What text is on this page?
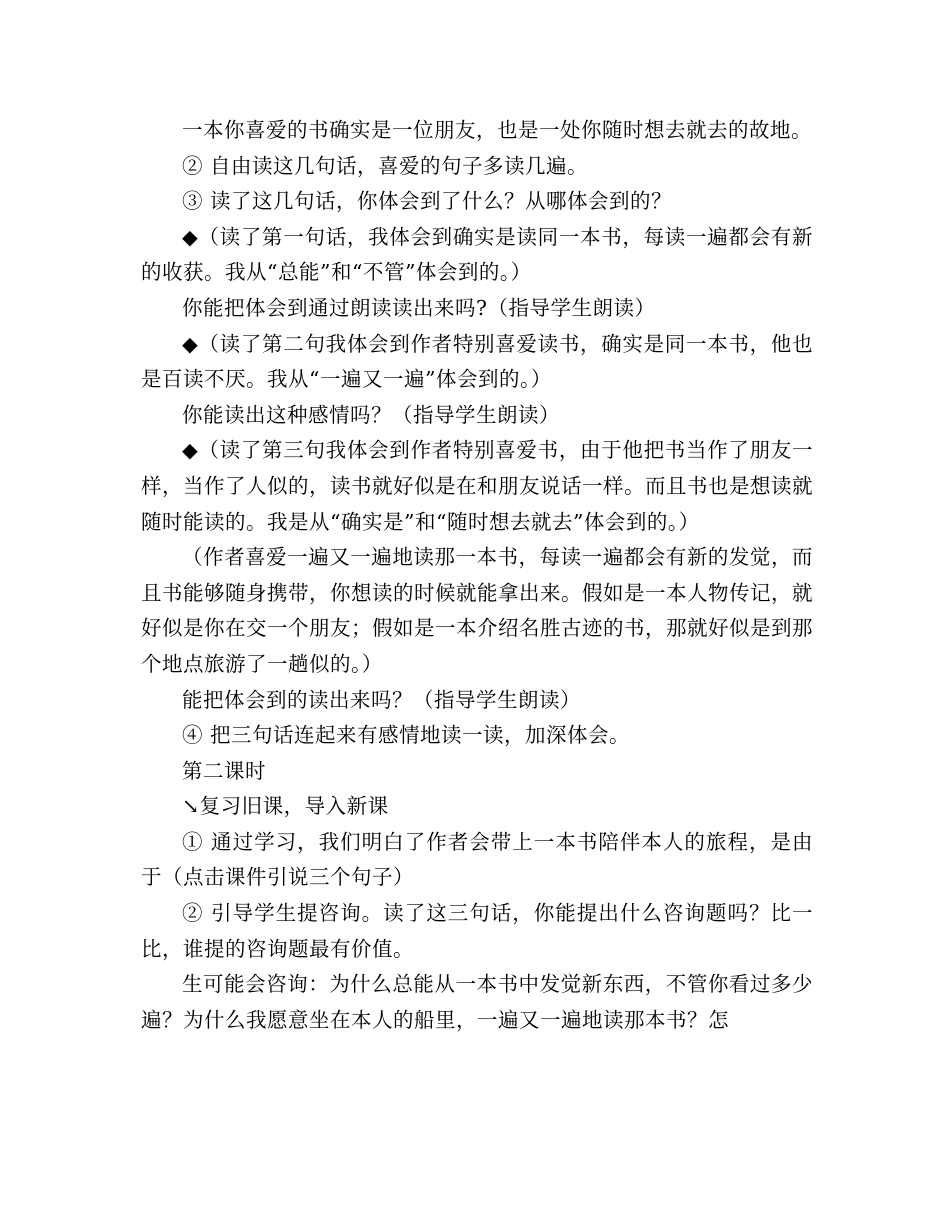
一本你喜爱的书确实是一位朋友，也是一处你随时想去就去的故地。

② 自由读这几句话，喜爱的句子多读几遍。

③ 读了这几句话，你体会到了什么？从哪体会到的？

◆（读了第一句话，我体会到确实是读同一本书，每读一遍都会有新的收获。我从“总能”和“不管”体会到的。）

你能把体会到通过朗读读出来吗?（指导学生朗读）

◆（读了第二句我体会到作者特别喜爱读书，确实是同一本书，他也是百读不厌。我从“一遍又一遍”体会到的。）

你能读出这种感情吗？（指导学生朗读）

◆（读了第三句我体会到作者特别喜爱书，由于他把书当作了朋友一样，当作了人似的，读书就好似是在和朋友说话一样。而且书也是想读就随时能读的。我是从“确实是”和“随时想去就去”体会到的。）

（作者喜爱一遍又一遍地读那一本书，每读一遍都会有新的发觉，而且书能够随身携带，你想读的时候就能拿出来。假如是一本人物传记，就好似是你在交一个朋友；假如是一本介绍名胜古迹的书，那就好似是到那个地点旅游了一趟似的。）

能把体会到的读出来吗？（指导学生朗读）

④ 把三句话连起来有感情地读一读，加深体会。

第二课时

↘复习旧课，导入新课

① 通过学习，我们明白了作者会带上一本书陪伴本人的旅程，是由于（点击课件引说三个句子）

② 引导学生提咨询。读了这三句话，你能提出什么咨询题吗？比一比，谁提的咨询题最有价值。

生可能会咨询：为什么总能从一本书中发觉新东西，不管你看过多少遍？为什么我愿意坐在本人的船里，一遍又一遍地读那本书？怎
